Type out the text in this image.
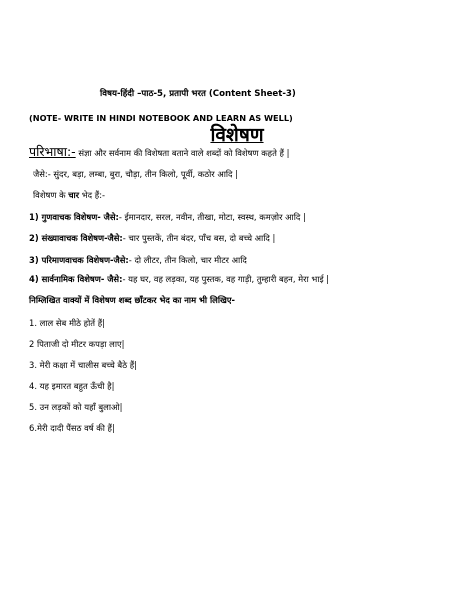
विषय-हिंदी –पाठ-5, प्रतापी भरत (Content Sheet-3)
(NOTE- WRITE IN HINDI NOTEBOOK AND LEARN AS WELL)
विशेषण
परिभाषा:- संज्ञा और सर्वनाम की विशेषता बताने वाले शब्दों को विशेषण कहते हैं |
जैसे:- सुंदर, बड़ा, लम्बा, बुरा, चौड़ा, तीन किलो, पूर्वी, कठोर आदि |
विशेषण के चार भेद हैं:-
1) गुणवाचक विशेषण- जैसे:- ईमानदार, सरल, नवीन, तीखा, मोटा, स्वस्थ, कमज़ोर आदि |
2) संख्यावाचक विशेषण-जैसे:- चार पुस्तकें, तीन बंदर, पाँच बस, दो बच्चे आदि |
3) परिमाणवाचक विशेषण-जैसे:- दो लीटर, तीन किलो, चार मीटर आदि
4) सार्वनामिक विशेषण- जैसे:- यह घर, वह लड़का, यह पुस्तक, वह गाड़ी, तुम्हारी बहन, मेरा भाई |
निम्लिखित वाक्यों में विशेषण शब्द छाँटकर भेद का नाम भी लिखिए-
1. लाल सेब मीठे होतें हैं|
2 पिताजी दो मीटर कपड़ा लाए|
3. मेरी कक्षा में चालीस बच्चे बैठे हैं|
4. यह इमारत बहुत ऊँची है|
5. उन लड़कों को यहाँ बुलाओ|
6.मेरी दादी पैंसठ वर्ष की हैं|
